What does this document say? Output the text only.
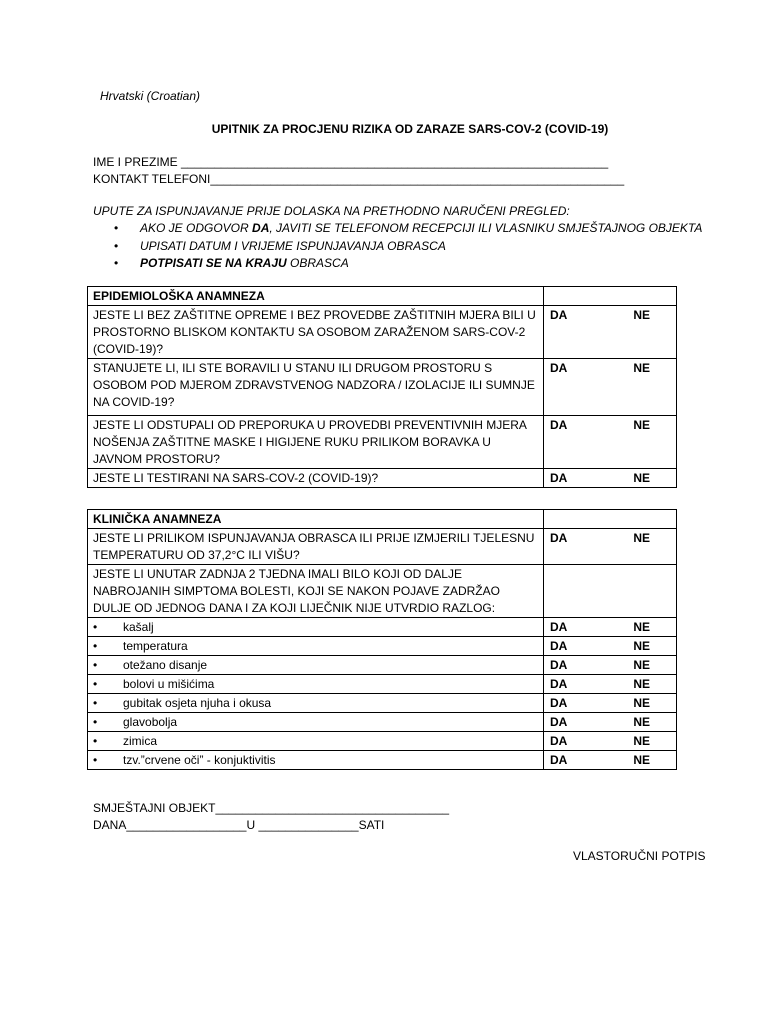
Hrvatski (Croatian)
UPITNIK ZA PROCJENU RIZIKA OD ZARAZE SARS-COV-2 (COVID-19)
IME I PREZIME ________________________________________________________________
KONTAKT TELEFONI______________________________________________________________
UPUTE ZA ISPUNJAVANJE PRIJE DOLASKA NA PRETHODNO NARUČENI PREGLED:
• AKO JE ODGOVOR DA, JAVITI SE TELEFONOM RECEPCIJI ILI VLASNIKU SMJEŠTAJNOG OBJEKTA
• UPISATI DATUM I VRIJEME ISPUNJAVANJA OBRASCA
• POTPISATI SE NA KRAJU OBRASCA
EPIDEMIOLOŠKA ANAMNEZA	
JESTE LI BEZ ZAŠTITNE OPREME I BEZ PROVEDBE ZAŠTITNIH MJERA BILI U PROSTORNO BLISKOM KONTAKTU SA OSOBOM ZARAŽENOM SARS-COV-2 (COVID-19)?	DA NE

STANUJETE LI, ILI STE BORAVILI U STANU ILI DRUGOM PROSTORU S OSOBOM POD MJEROM ZDRAVSTVENOG NADZORA / IZOLACIJE ILI SUMNJE NA COVID-19?	DA NE

JESTE LI ODSTUPALI OD PREPORUKA U PROVEDBI PREVENTIVNIH MJERA NOŠENJA ZAŠTITNE MASKE I HIGIJENE RUKU PRILIKOM BORAVKA U JAVNOM PROSTORU?	DA NE

JESTE LI TESTIRANI NA SARS-COV-2 (COVID-19)?	DA NE
KLINIČKA ANAMNEZA	
JESTE LI PRILIKOM ISPUNJAVANJA OBRASCA ILI PRIJE IZMJERILI TJELESNU TEMPERATURU OD 37,2°C ILI VIŠU?	DA NE

JESTE LI UNUTAR ZADNJA 2 TJEDNA IMALI BILO KOJI OD DALJE NABROJANIH SIMPTOMA BOLESTI, KOJI SE NAKON POJAVE ZADRŽAO DULJE OD JEDNOG DANA I ZA KOJI LIJEČNIK NIJE UTVRDIO RAZLOG:	
• kašalj	DA NE

• temperatura	DA NE

• otežano disanje	DA NE

• bolovi u mišićima	DA NE

• gubitak osjeta njuha i okusa	DA NE

• glavobolja	DA NE

• zimica	DA NE

• tzv.”crvene oči” - konjuktivitis	DA NE
SMJEŠTAJNI OBJEKT___________________________________
DANA__________________U _______________SATI
VLASTORUČNI POTPIS
